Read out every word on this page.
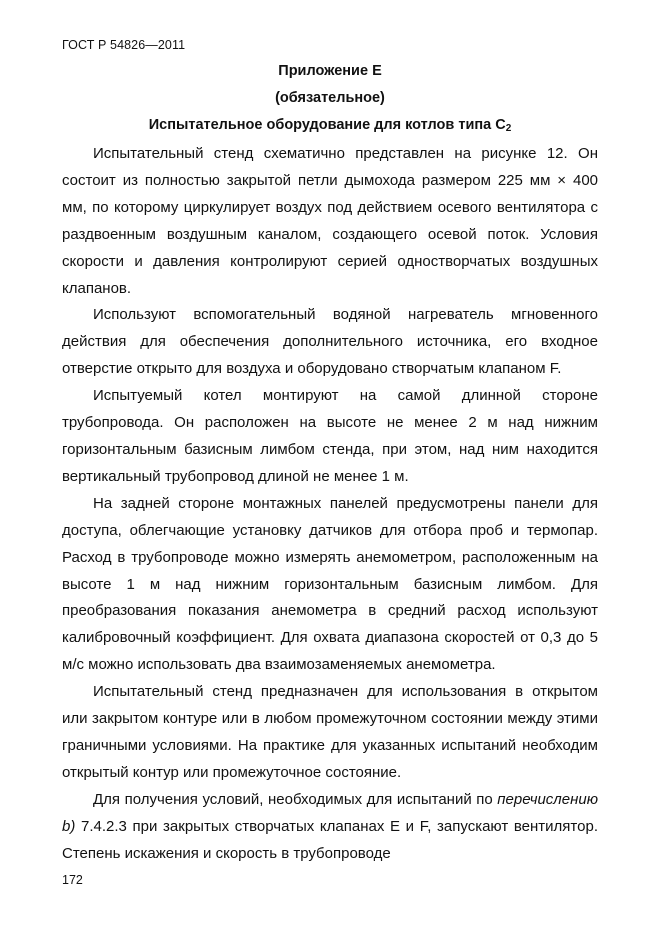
ГОСТ Р 54826—2011
Приложение Е
(обязательное)
Испытательное оборудование для котлов типа $C_2$

Испытательный стенд схематично представлен на рисунке 12. Он состоит из полностью закрытой петли дымохода размером 225 мм × 400 мм, по которому циркулирует воздух под действием осевого вентилятора с раздвоенным воздушным каналом, создающего осевой поток. Условия скорости и давления контролируют серией одностворчатых воздушных клапанов.

Используют вспомогательный водяной нагреватель мгновенного действия для обеспечения дополнительного источника, его входное отверстие открыто для воздуха и оборудовано створчатым клапаном F.

Испытуемый котел монтируют на самой длинной стороне трубопровода. Он расположен на высоте не менее 2 м над нижним горизонтальным базисным лимбом стенда, при этом, над ним находится вертикальный трубопровод длиной не менее 1 м.

На задней стороне монтажных панелей предусмотрены панели для доступа, облегчающие установку датчиков для отбора проб и термопар. Расход в трубопроводе можно измерять анемометром, расположенным на высоте 1 м над нижним горизонтальным базисным лимбом. Для преобразования показания анемометра в средний расход используют калибровочный коэффициент. Для охвата диапазона скоростей от 0,3 до 5 м/с можно использовать два взаимозаменяемых анемометра.

Испытательный стенд предназначен для использования в открытом или закрытом контуре или в любом промежуточном состоянии между этими граничными условиями. На практике для указанных испытаний необходим открытый контур или промежуточное состояние.

Для получения условий, необходимых для испытаний по перечислению b) 7.4.2.3 при закрытых створчатых клапанах Е и F, запускают вентилятор. Степень искажения и скорость в трубопроводе

172
